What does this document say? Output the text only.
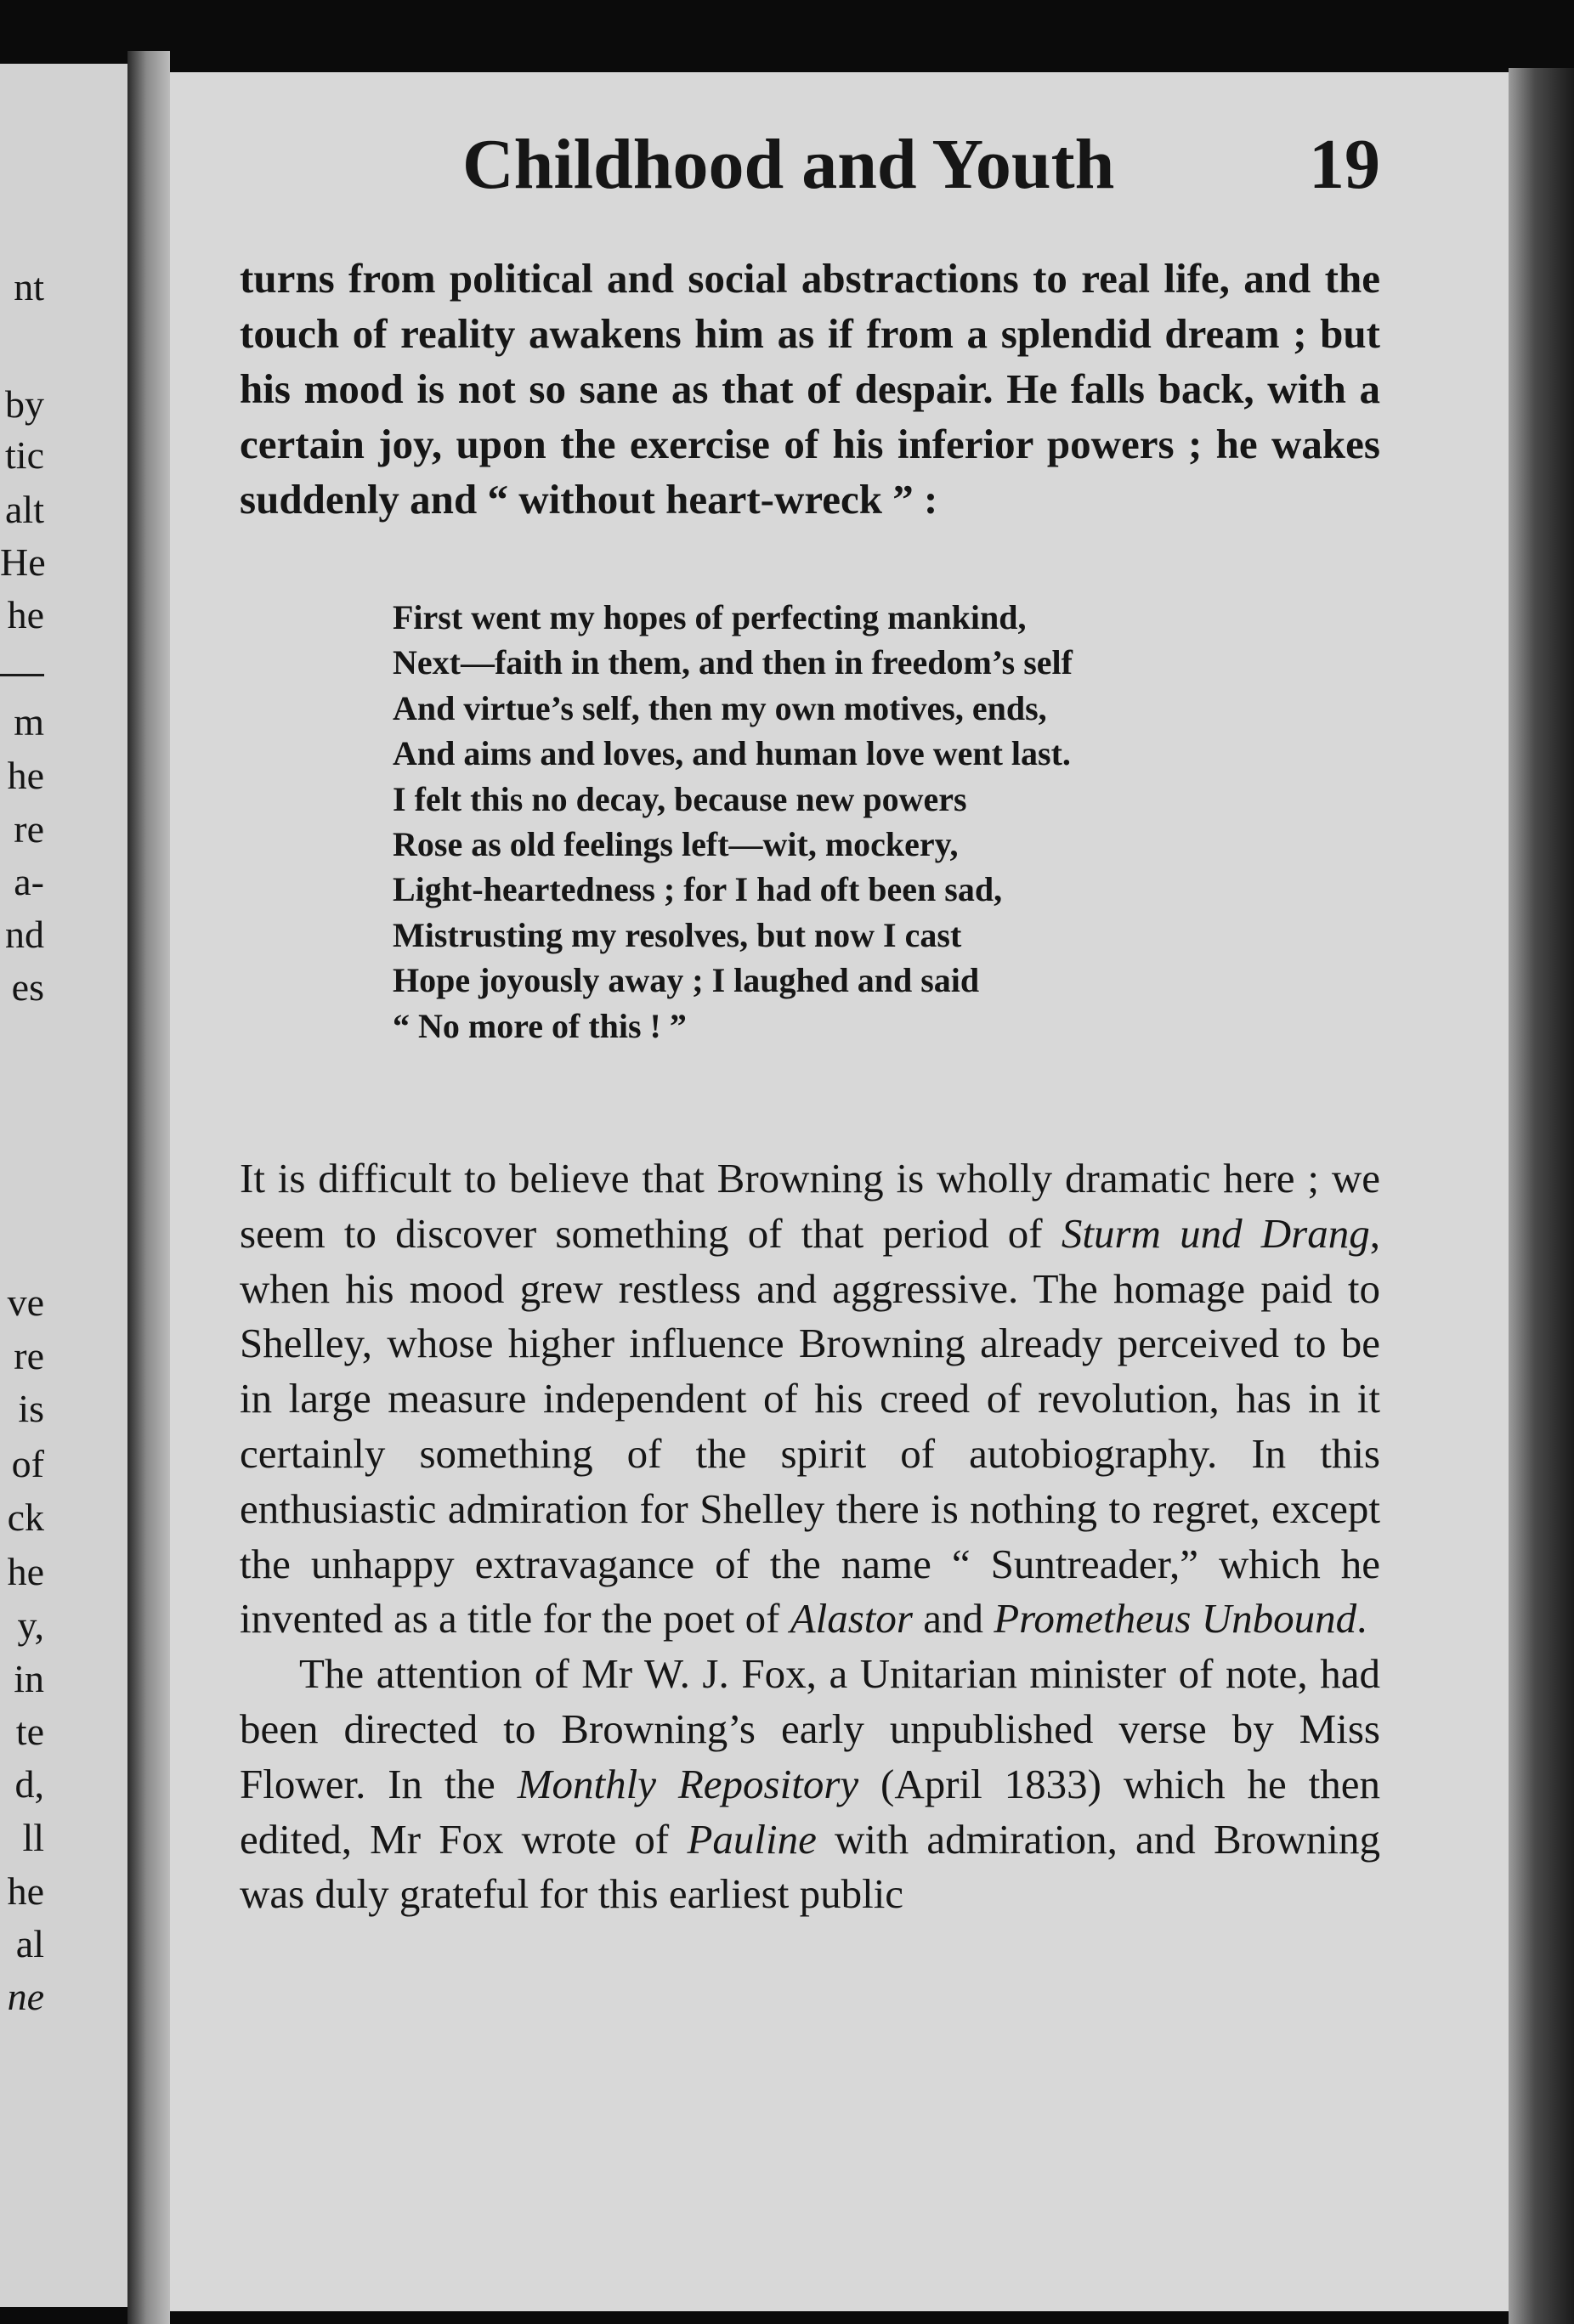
nt
by
tic
alt
He
he
m
he
re
a-
nd
es
ve
re
is
of
ck
he
y,
in
te
d,
ll
he
al
ne
Childhood and Youth	19

turns from political and social abstractions to real life, and the touch of reality awakens him as if from a splendid dream ; but his mood is not so sane as that of despair. He falls back, with a certain joy, upon the exercise of his inferior powers ; he wakes suddenly and “ without heart-wreck ” :

First went my hopes of perfecting mankind,
Next—faith in them, and then in freedom’s self
And virtue’s self, then my own motives, ends,
And aims and loves, and human love went last.
I felt this no decay, because new powers
Rose as old feelings left—wit, mockery,
Light-heartedness ; for I had oft been sad,
Mistrusting my resolves, but now I cast
Hope joyously away ; I laughed and said
“ No more of this ! ”

It is difficult to believe that Browning is wholly dramatic here ; we seem to discover something of that period of Sturm und Drang, when his mood grew restless and aggressive. The homage paid to Shelley, whose higher influence Browning already perceived to be in large measure independent of his creed of revolution, has in it certainly something of the spirit of autobiography. In this enthusiastic admiration for Shelley there is nothing to regret, except the unhappy extravagance of the name “ Suntreader,” which he invented as a title for the poet of Alastor and Prometheus Unbound.

The attention of Mr W. J. Fox, a Unitarian minister of note, had been directed to Browning’s early unpublished verse by Miss Flower. In the Monthly Repository (April 1833) which he then edited, Mr Fox wrote of Pauline with admiration, and Browning was duly grateful for this earliest public
